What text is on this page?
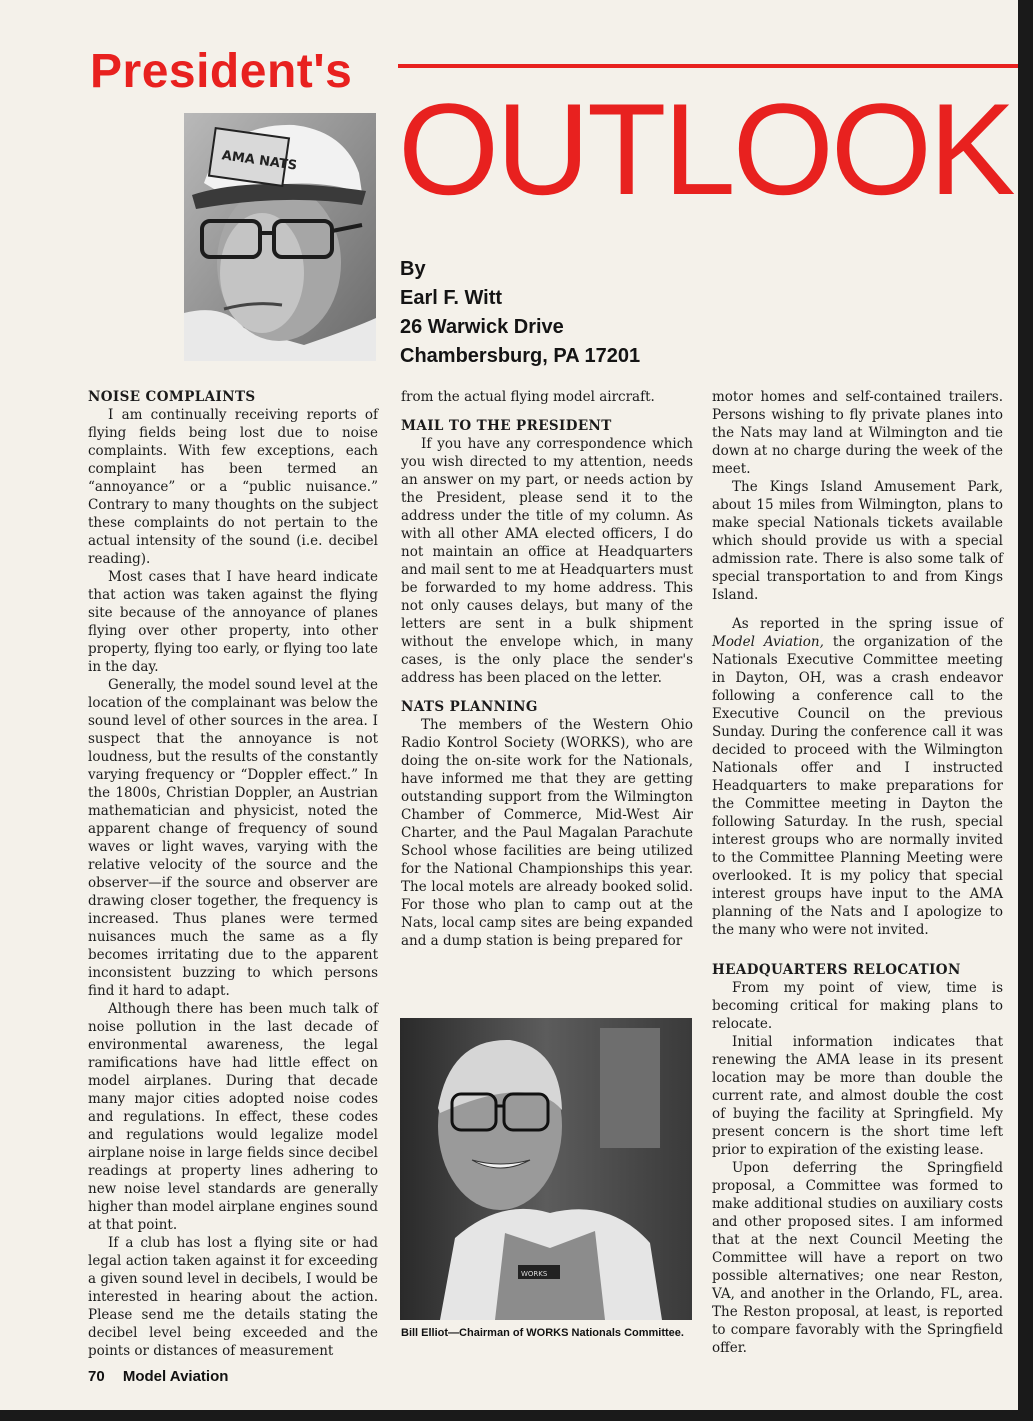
President's
OUTLOOK
AMA NATS
By
Earl F. Witt
26 Warwick Drive
Chambersburg, PA 17201
NOISE COMPLAINTS

I am continually receiving reports of flying fields being lost due to noise complaints. With few exceptions, each complaint has been termed an “annoyance” or a “public nuisance.” Contrary to many thoughts on the subject these complaints do not pertain to the actual intensity of the sound (i.e. decibel reading).

Most cases that I have heard indicate that action was taken against the flying site because of the annoyance of planes flying over other property, into other property, flying too early, or flying too late in the day.

Generally, the model sound level at the location of the complainant was below the sound level of other sources in the area. I suspect that the annoyance is not loudness, but the results of the constantly varying frequency or “Doppler effect.” In the 1800s, Christian Doppler, an Austrian mathematician and physicist, noted the apparent change of frequency of sound waves or light waves, varying with the relative velocity of the source and the observer—if the source and observer are drawing closer together, the frequency is increased. Thus planes were termed nuisances much the same as a fly becomes irritating due to the apparent inconsistent buzzing to which persons find it hard to adapt.

Although there has been much talk of noise pollution in the last decade of environmental awareness, the legal ramifications have had little effect on model airplanes. During that decade many major cities adopted noise codes and regulations. In effect, these codes and regulations would legalize model airplane noise in large fields since decibel readings at property lines adhering to new noise level standards are generally higher than model airplane engines sound at that point.

If a club has lost a flying site or had legal action taken against it for exceeding a given sound level in decibels, I would be interested in hearing about the action. Please send me the details stating the decibel level being exceeded and the points or distances of measurement

from the actual flying model aircraft.

MAIL TO THE PRESIDENT

If you have any correspondence which you wish directed to my attention, needs an answer on my part, or needs action by the President, please send it to the address under the title of my column. As with all other AMA elected officers, I do not maintain an office at Headquarters and mail sent to me at Headquarters must be forwarded to my home address. This not only causes delays, but many of the letters are sent in a bulk shipment without the envelope which, in many cases, is the only place the sender's address has been placed on the letter.

NATS PLANNING

The members of the Western Ohio Radio Kontrol Society (WORKS), who are doing the on-site work for the Nationals, have informed me that they are getting outstanding support from the Wilmington Chamber of Commerce, Mid-West Air Charter, and the Paul Magalan Parachute School whose facilities are being utilized for the National Championships this year. The local motels are already booked solid. For those who plan to camp out at the Nats, local camp sites are being expanded and a dump station is being prepared for

WORKS
Bill Elliot—Chairman of WORKS Nationals Committee.

motor homes and self-contained trailers. Persons wishing to fly private planes into the Nats may land at Wilmington and tie down at no charge during the week of the meet.

The Kings Island Amusement Park, about 15 miles from Wilmington, plans to make special Nationals tickets available which should provide us with a special admission rate. There is also some talk of special transportation to and from Kings Island.

As reported in the spring issue of Model Aviation, the organization of the Nationals Executive Committee meeting in Dayton, OH, was a crash endeavor following a conference call to the Executive Council on the previous Sunday. During the conference call it was decided to proceed with the Wilmington Nationals offer and I instructed Headquarters to make preparations for the Committee meeting in Dayton the following Saturday. In the rush, special interest groups who are normally invited to the Committee Planning Meeting were overlooked. It is my policy that special interest groups have input to the AMA planning of the Nats and I apologize to the many who were not invited.

HEADQUARTERS RELOCATION

From my point of view, time is becoming critical for making plans to relocate.

Initial information indicates that renewing the AMA lease in its present location may be more than double the current rate, and almost double the cost of buying the facility at Springfield. My present concern is the short time left prior to expiration of the existing lease.

Upon deferring the Springfield proposal, a Committee was formed to make additional studies on auxiliary costs and other proposed sites. I am informed that at the next Council Meeting the Committee will have a report on two possible alternatives; one near Reston, VA, and another in the Orlando, FL, area. The Reston proposal, at least, is reported to compare favorably with the Springfield offer.

70 Model Aviation
